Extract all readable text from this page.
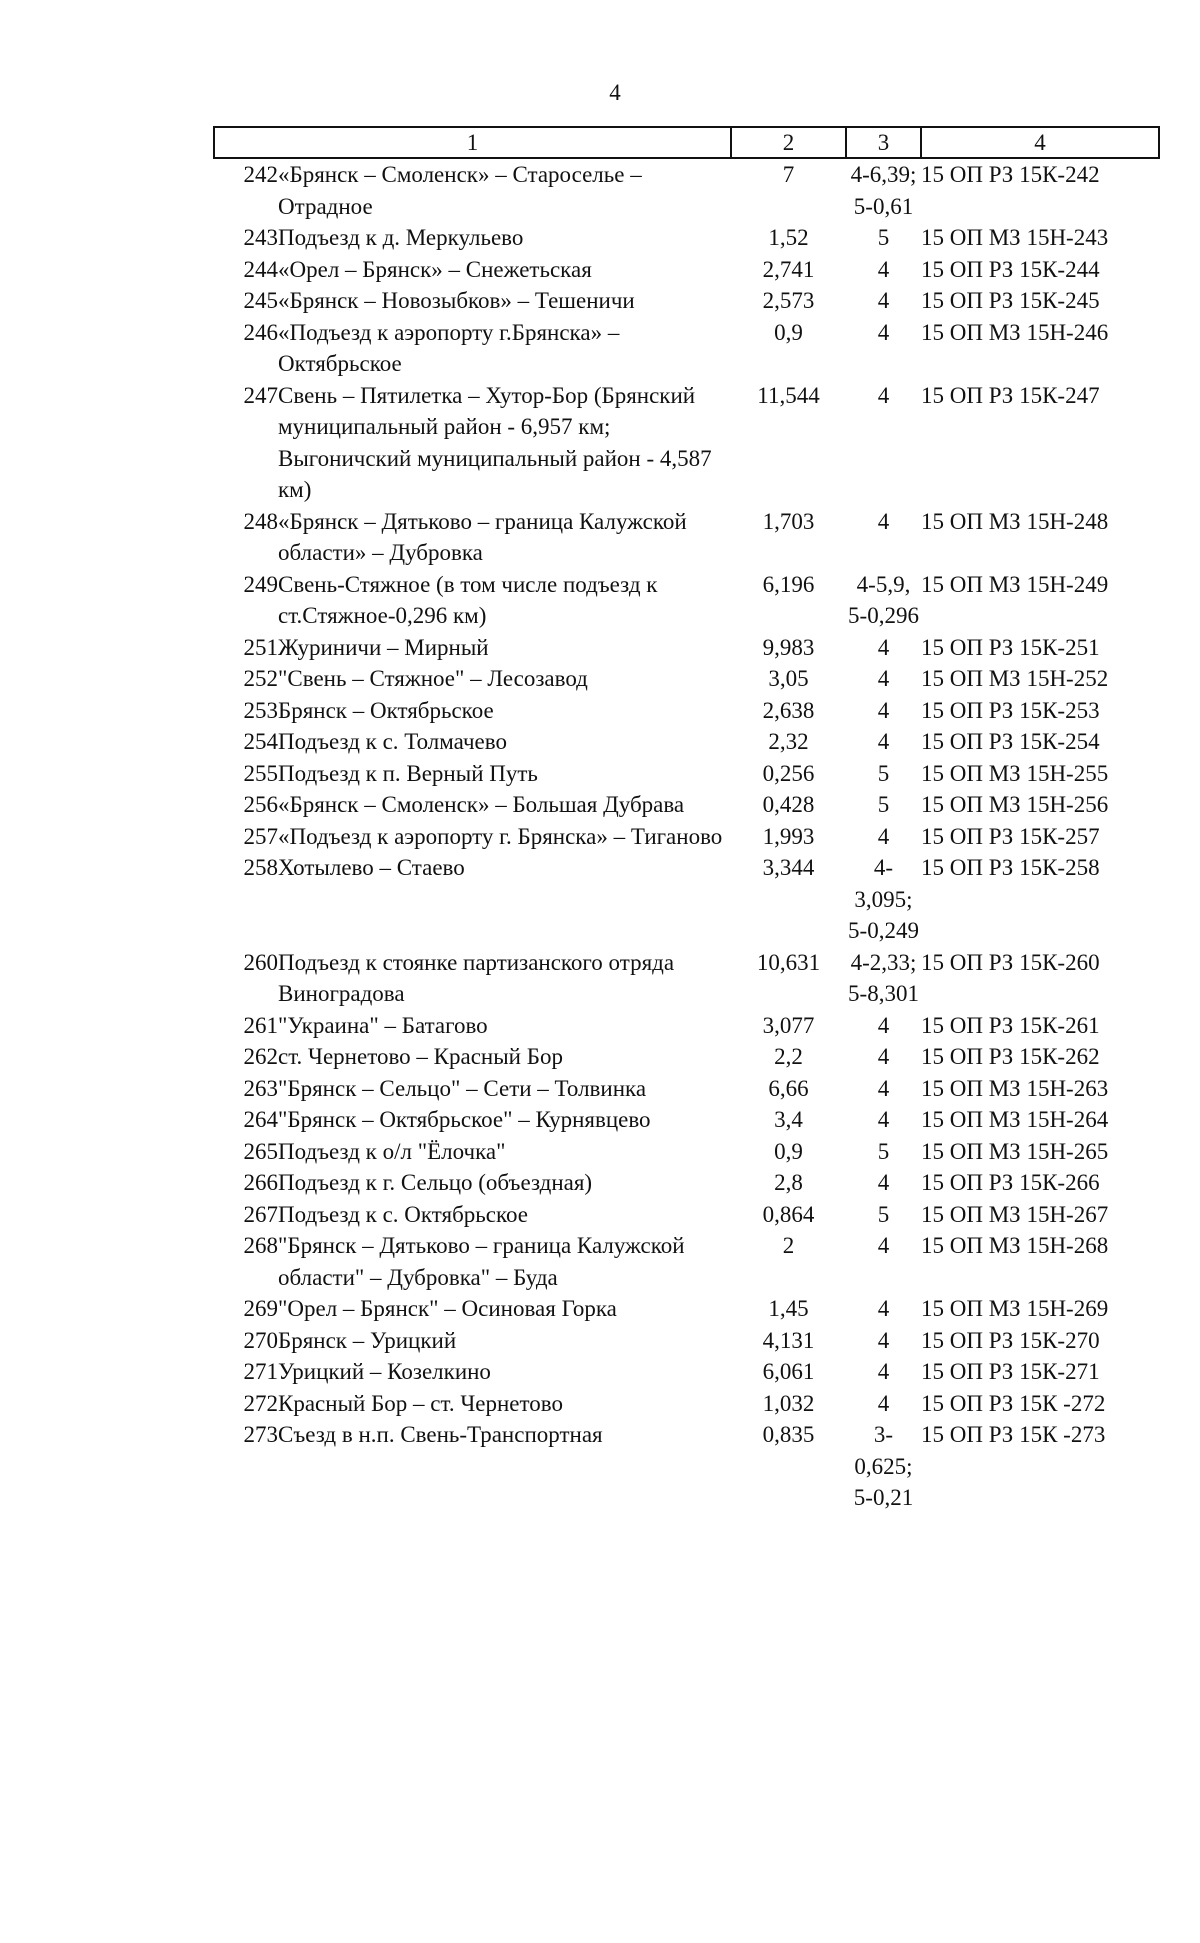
4
1		2	3	4
242	«Брянск – Смоленск» – Староселье – Отрадное	7	4-6,39; 5-0,61	15 ОП РЗ 15К-242
243	Подъезд к д. Меркульево	1,52	5	15 ОП МЗ 15Н-243
244	«Орел – Брянск» – Снежетьская	2,741	4	15 ОП РЗ 15К-244
245	«Брянск – Новозыбков» – Тешеничи	2,573	4	15 ОП РЗ 15К-245
246	«Подъезд к аэропорту г.Брянска» – Октябрьское	0,9	4	15 ОП МЗ 15Н-246
247	Свень – Пятилетка – Хутор-Бор (Брянский муниципальный район - 6,957 км; Выгоничский муниципальный район - 4,587 км)	11,544	4	15 ОП РЗ 15К-247
248	«Брянск – Дятьково – граница Калужской области» – Дубровка	1,703	4	15 ОП МЗ 15Н-248
249	Свень-Стяжное (в том числе подъезд к ст.Стяжное-0,296 км)	6,196	4-5,9, 5-0,296	15 ОП МЗ 15Н-249
251	Журиничи – Мирный	9,983	4	15 ОП РЗ 15К-251
252	"Свень – Стяжное" – Лесозавод	3,05	4	15 ОП МЗ 15Н-252
253	Брянск – Октябрьское	2,638	4	15 ОП РЗ 15К-253
254	Подъезд к с. Толмачево	2,32	4	15 ОП РЗ 15К-254
255	Подъезд к п. Верный Путь	0,256	5	15 ОП МЗ 15Н-255
256	«Брянск – Смоленск» – Большая Дубрава	0,428	5	15 ОП МЗ 15Н-256
257	«Подъезд к аэропорту г. Брянска» – Тиганово	1,993	4	15 ОП РЗ 15К-257
258	Хотылево – Стаево	3,344	4-3,095; 5-0,249	15 ОП РЗ 15К-258
260	Подъезд к стоянке партизанского отряда Виноградова	10,631	4-2,33; 5-8,301	15 ОП РЗ 15К-260
261	"Украина" – Батагово	3,077	4	15 ОП РЗ 15К-261
262	ст. Чернетово – Красный Бор	2,2	4	15 ОП РЗ 15К-262
263	"Брянск – Сельцо" – Сети – Толвинка	6,66	4	15 ОП МЗ 15Н-263
264	"Брянск – Октябрьское" – Курнявцево	3,4	4	15 ОП МЗ 15Н-264
265	Подъезд к о/л "Ёлочка"	0,9	5	15 ОП МЗ 15Н-265
266	Подъезд к г. Сельцо (объездная)	2,8	4	15 ОП РЗ 15К-266
267	Подъезд к с. Октябрьское	0,864	5	15 ОП МЗ 15Н-267
268	"Брянск – Дятьково – граница Калужской области" – Дубровка" – Буда	2	4	15 ОП МЗ 15Н-268
269	"Орел – Брянск" – Осиновая Горка	1,45	4	15 ОП МЗ 15Н-269
270	Брянск – Урицкий	4,131	4	15 ОП РЗ 15К-270
271	Урицкий – Козелкино	6,061	4	15 ОП РЗ 15К-271
272	Красный Бор – ст. Чернетово	1,032	4	15 ОП РЗ 15К -272
273	Съезд в н.п. Свень-Транспортная	0,835	3-0,625; 5-0,21	15 ОП РЗ 15К -273
